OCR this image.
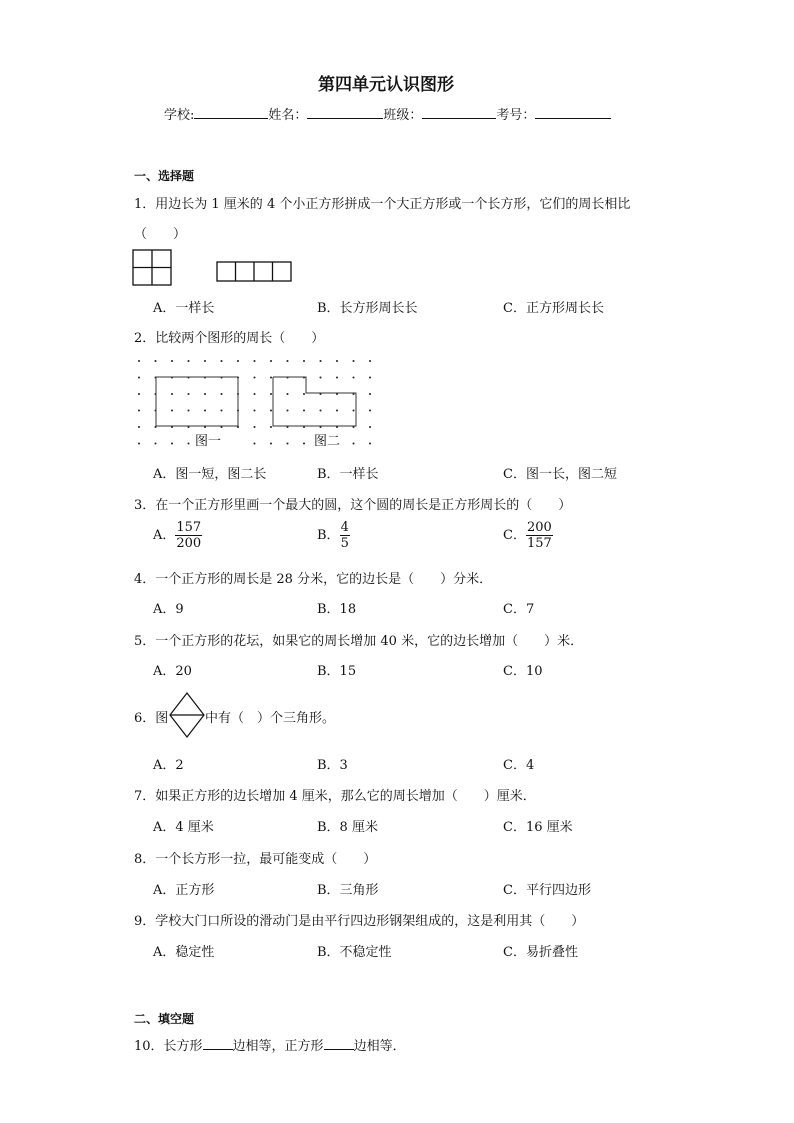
第四单元认识图形
学校:	姓名：	班级：	考号：
一、选择题
1．用边长为 1 厘米的 4 个小正方形拼成一个大正方形或一个长方形，它们的周长相比
（　　）
A．一样长	B．长方形周长长	C．正方形周长长
2．比较两个图形的周长（　　）
图一	图二
A．图一短，图二长	B．一样长	C．图一长，图二短
3．在一个正方形里画一个最大的圆，这个圆的周长是正方形周长的（　　）
A． $\frac{157}{200}$	B． $\frac{4}{5}$	C． $\frac{200}{157}$
4．一个正方形的周长是 28 分米，它的边长是（　　）分米．
A．9	B．18	C．7
5．一个正方形的花坛，如果它的周长增加 40 米，它的边长增加（　　）米．
A．20	B．15	C．10
6．图	中有（　）个三角形。
A．2	B．3	C．4
7．如果正方形的边长增加 4 厘米，那么它的周长增加（　　）厘米．
A．4 厘米	B．8 厘米	C．16 厘米
8．一个长方形一拉，最可能变成（　　）
A．正方形	B．三角形	C．平行四边形
9．学校大门口所设的滑动门是由平行四边形钢架组成的，这是利用其（　　）
A．稳定性	B．不稳定性	C．易折叠性
二、填空题
10．长方形 边相等，正方形 边相等．
